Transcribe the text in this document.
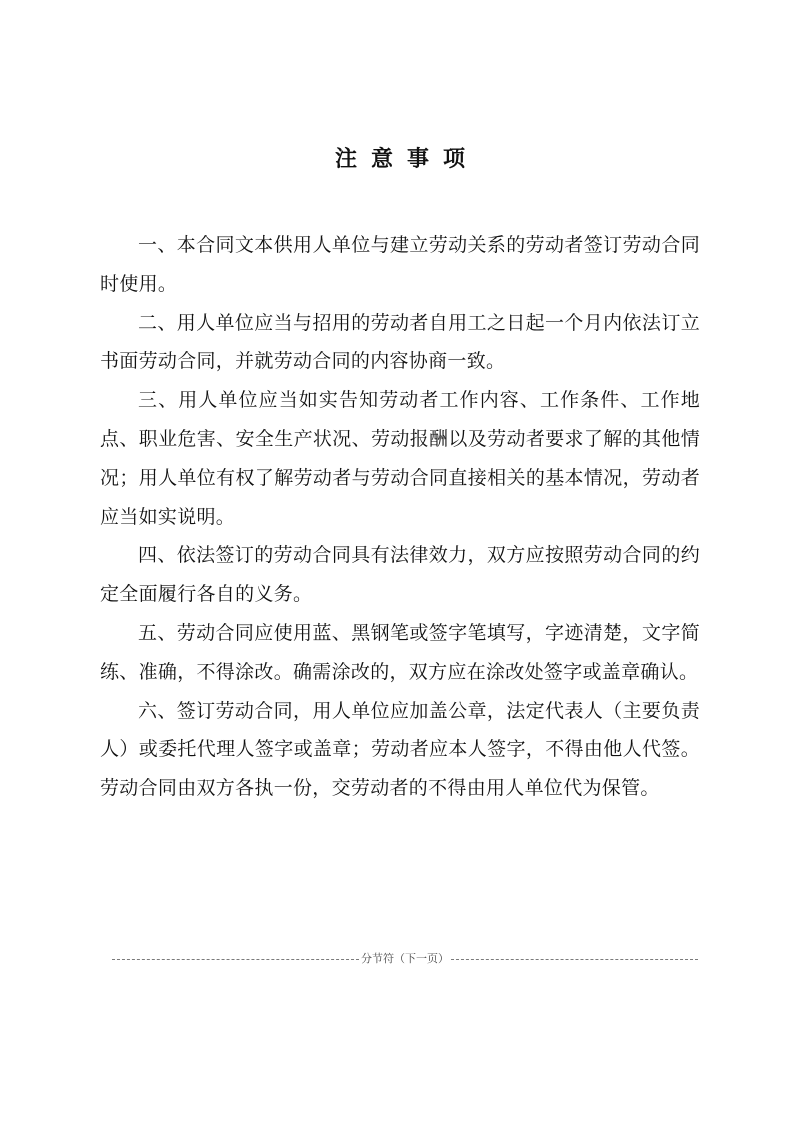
注意事项

一、本合同文本供用人单位与建立劳动关系的劳动者签订劳动合同时使用。

二、用人单位应当与招用的劳动者自用工之日起一个月内依法订立书面劳动合同，并就劳动合同的内容协商一致。

三、用人单位应当如实告知劳动者工作内容、工作条件、工作地点、职业危害、安全生产状况、劳动报酬以及劳动者要求了解的其他情况；用人单位有权了解劳动者与劳动合同直接相关的基本情况，劳动者应当如实说明。

四、依法签订的劳动合同具有法律效力，双方应按照劳动合同的约定全面履行各自的义务。

五、劳动合同应使用蓝、黑钢笔或签字笔填写，字迹清楚，文字简练、准确，不得涂改。确需涂改的，双方应在涂改处签字或盖章确认。

六、签订劳动合同，用人单位应加盖公章，法定代表人（主要负责人）或委托代理人签字或盖章；劳动者应本人签字，不得由他人代签。劳动合同由双方各执一份，交劳动者的不得由用人单位代为保管。

分节符（下一页）
